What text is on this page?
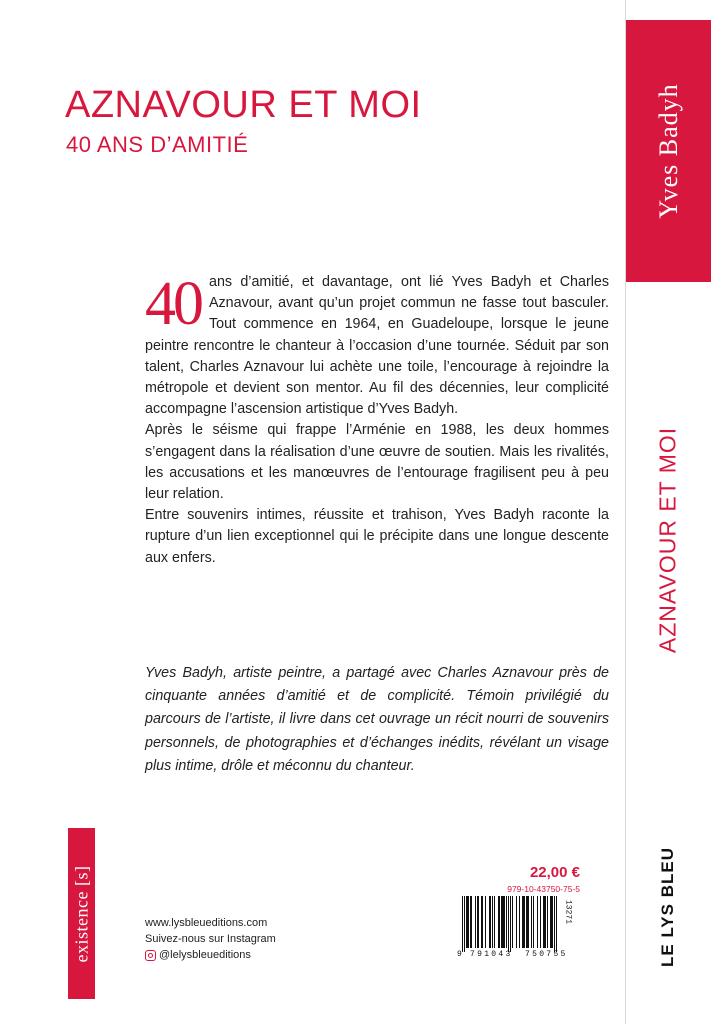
Yves Badyh
AZNAVOUR ET MOI
LE LYS BLEU
AZNAVOUR ET MOI
40 ANS D’AMITIÉ

40 ans d’amitié, et davantage, ont lié Yves Badyh et Charles Aznavour, avant qu’un projet commun ne fasse tout basculer. Tout commence en 1964, en Guadeloupe, lorsque le jeune peintre rencontre le chanteur à l’occasion d’une tournée. Séduit par son talent, Charles Aznavour lui achète une toile, l’encourage à rejoindre la métropole et devient son mentor. Au fil des décennies, leur complicité accompagne l’ascension artistique d’Yves Badyh.

Après le séisme qui frappe l’Arménie en 1988, les deux hommes s’engagent dans la réalisation d’une œuvre de soutien. Mais les rivalités, les accusations et les manœuvres de l’entourage fragilisent peu à peu leur relation.

Entre souvenirs intimes, réussite et trahison, Yves Badyh raconte la rupture d’un lien exceptionnel qui le précipite dans une longue descente aux enfers.

Yves Badyh, artiste peintre, a partagé avec Charles Aznavour près de cinquante années d’amitié et de complicité. Témoin privilégié du parcours de l’artiste, il livre dans cet ouvrage un récit nourri de souvenirs personnels, de photographies et d’échanges inédits, révélant un visage plus intime, drôle et méconnu du chanteur.

existence [s]	www.lysbleueditions.com
Suivez-nous sur Instagram
@lelysbleueditions
22,00 €
979-10-43750-75-5
13271
9 791043 750755
